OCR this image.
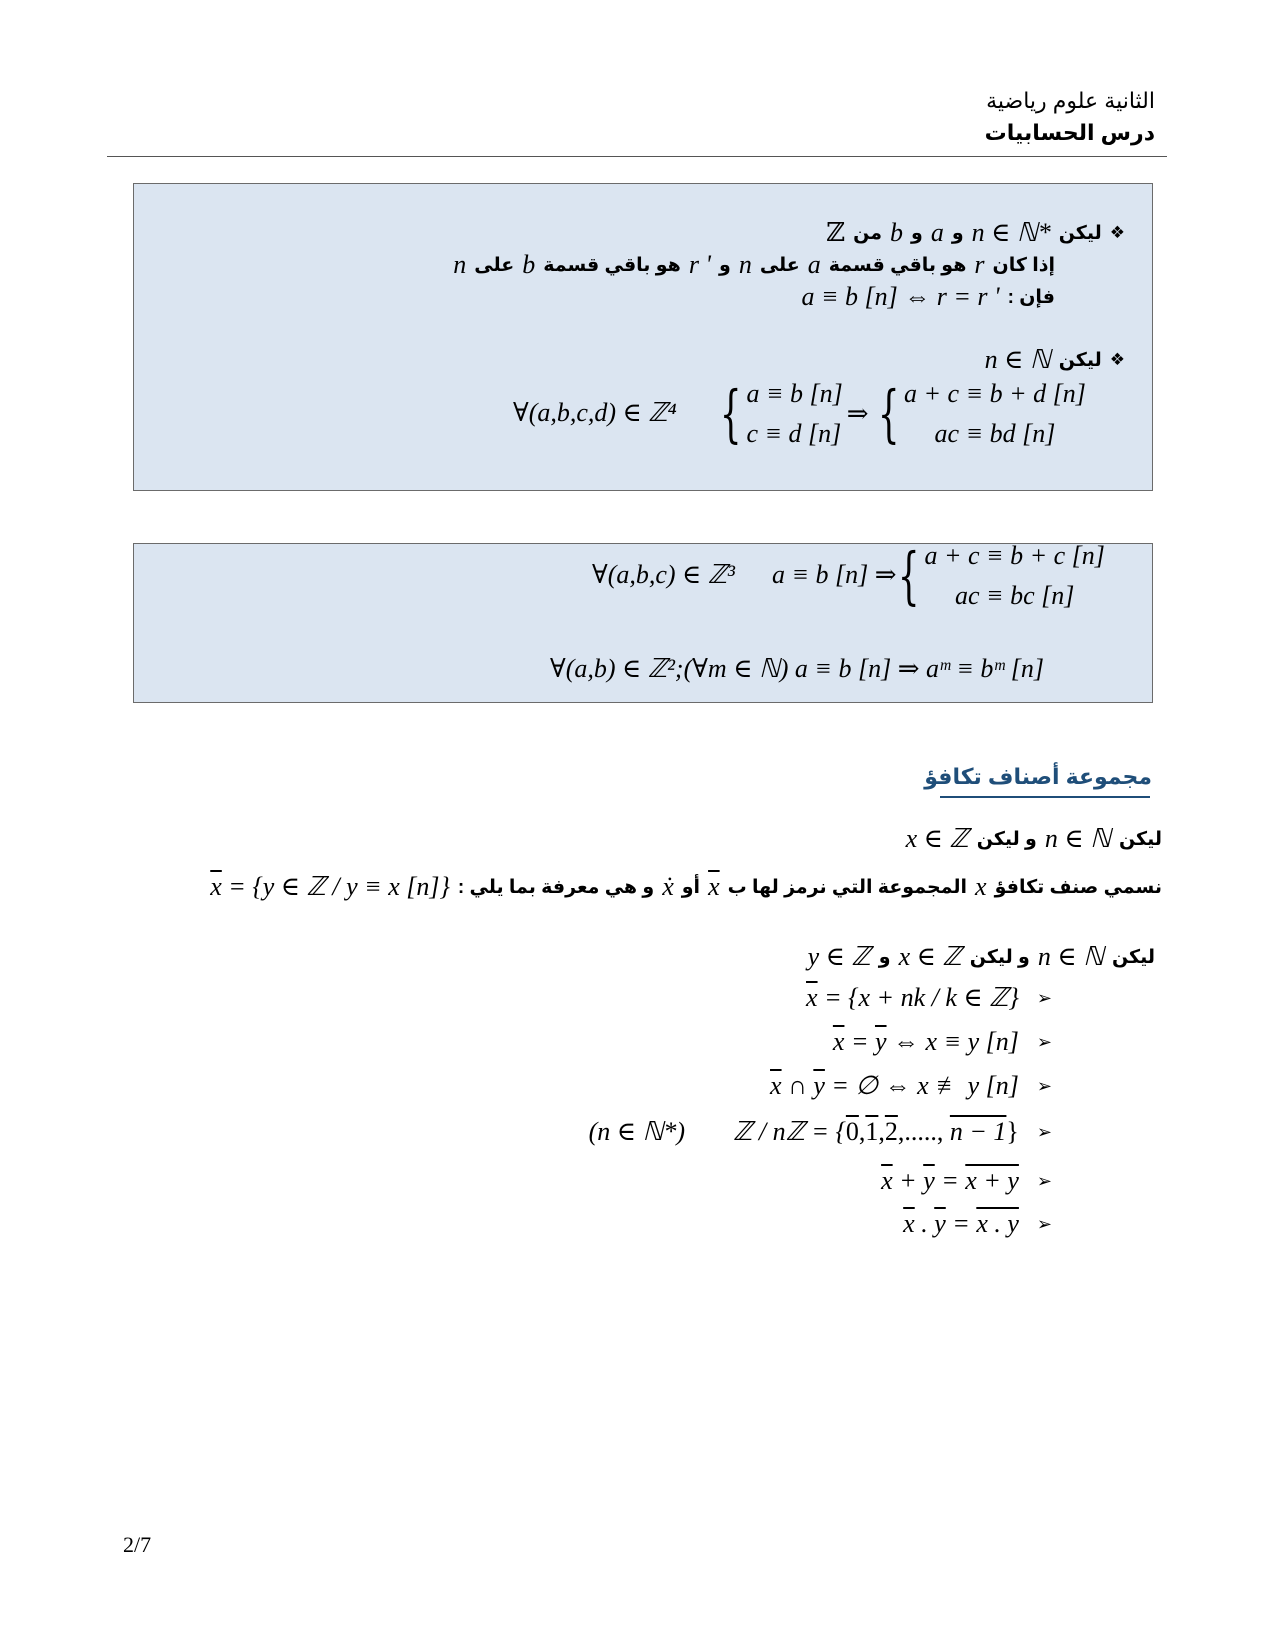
الثانية علوم رياضية
درس الحسابيات
❖
ليكن
n ∈ ℕ*
و
a
و
b
من
ℤ
إذا كان
r
هو باقي قسمة
a
على
n
و
r '
هو باقي قسمة
b
على
n
فإن :
a ≡ b [n] ⇔ r = r '
❖
ليكن
n ∈ ℕ
∀(a,b,c,d) ∈ ℤ⁴ { a ≡ b [n]
c ≡ d [n]
⇒ { a + c ≡ b + d [n]
ac ≡ bd [n]
∀(a,b,c) ∈ ℤ³ a ≡ b [n] ⇒ { a + c ≡ b + c [n]
ac ≡ bc [n]
∀(a,b) ∈ ℤ²;(∀m ∈ ℕ) a ≡ b [n] ⇒ aᵐ ≡ bᵐ [n]
مجموعة أصناف تكافؤ
ليكن
n ∈ ℕ
و ليكن
x ∈ ℤ
نسمي صنف تكافؤ
x
المجموعة التي نرمز لها ب
$\overline{x}$
أو
ẋ
و هي معرفة بما يلي :
$\overline{x} = \{y$ ∈ ℤ / y ≡ x [n]}
ليكن
n ∈ ℕ
و ليكن
x ∈ ℤ
و
y ∈ ℤ
➢
$\overline{x} = \{x$ + nk / k ∈ ℤ}
➢
$\overline{x} = \overline{y}$ ⇔ x ≡ y [n]
➢
$\overline{x}$ ∩ $\overline{y}$ = ∅ ⇔ x ≢ y [n]
➢
ℤ / nℤ = {0,1,2,....., n − 1}
(n ∈ ℕ*)
➢
$\overline{x} + \overline{y} = x + y$
➢
$\overline{x}$ . $\overline{y} = x$ . y
2/7
